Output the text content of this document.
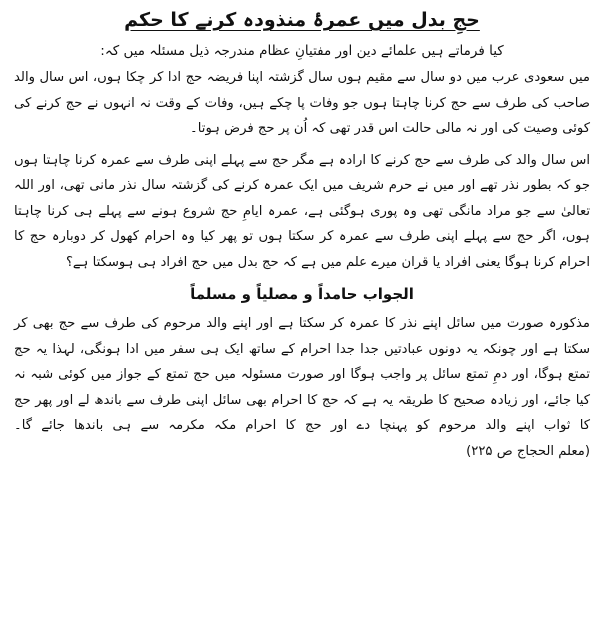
حجِ بدل میں عمرۂ منذودہ کرنے کا حکم
کیا فرماتے ہیں علمائے دین اور مفتیانِ عظام مندرجہ ذیل مسئلہ میں کہ:

میں سعودی عرب میں دو سال سے مقیم ہوں سال گزشتہ اپنا فریضہ حج ادا کر چکا ہوں، اس سال والد صاحب کی طرف سے حج کرنا چاہتا ہوں جو وفات پا چکے ہیں، وفات کے وقت نہ انہوں نے حج کرنے کی کوئی وصیت کی اور نہ مالی حالت اس قدر تھی کہ اُن پر حج فرض ہوتا۔

اس سال والد کی طرف سے حج کرنے کا ارادہ ہے مگر حج سے پہلے اپنی طرف سے عمرہ کرنا چاہتا ہوں جو کہ بطور نذر تھے اور میں نے حرم شریف میں ایک عمرہ کرنے کی گزشتہ سال نذر مانی تھی، اور اللہ تعالیٰ سے جو مراد مانگی تھی وہ پوری ہوگئی ہے، عمرہ ایامِ حج شروع ہونے سے پہلے ہی کرنا چاہتا ہوں، اگر حج سے پہلے اپنی طرف سے عمرہ کر سکتا ہوں تو پھر کیا وہ احرام کھول کر دوبارہ حج کا احرام کرنا ہوگا یعنی افراد یا قران میرے علم میں ہے کہ حج بدل میں حج افراد ہی ہوسکتا ہے؟

الجواب حامداً و مصلیاً و مسلماً

مذکورہ صورت میں سائل اپنے نذر کا عمرہ کر سکتا ہے اور اپنے والد مرحوم کی طرف سے حج بھی کر سکتا ہے اور چونکہ یہ دونوں عبادتیں جدا جدا احرام کے ساتھ ایک ہی سفر میں ادا ہونگی، لہذا یہ حج تمتع ہوگا، اور دمِ تمتع سائل پر واجب ہوگا اور صورت مسئولہ میں حج تمتع کے جواز میں کوئی شبہ نہ کیا جائے، اور زیادہ صحیح کا طریقہ یہ ہے کہ حج کا احرام بھی سائل اپنی طرف سے باندھ لے اور پھر حج کا ثواب اپنے والد مرحوم کو پہنچا دے اور حج کا احرام مکہ مکرمہ سے ہی باندھا جائے گا۔ (معلم الحجاج ص ۲۲۵)
